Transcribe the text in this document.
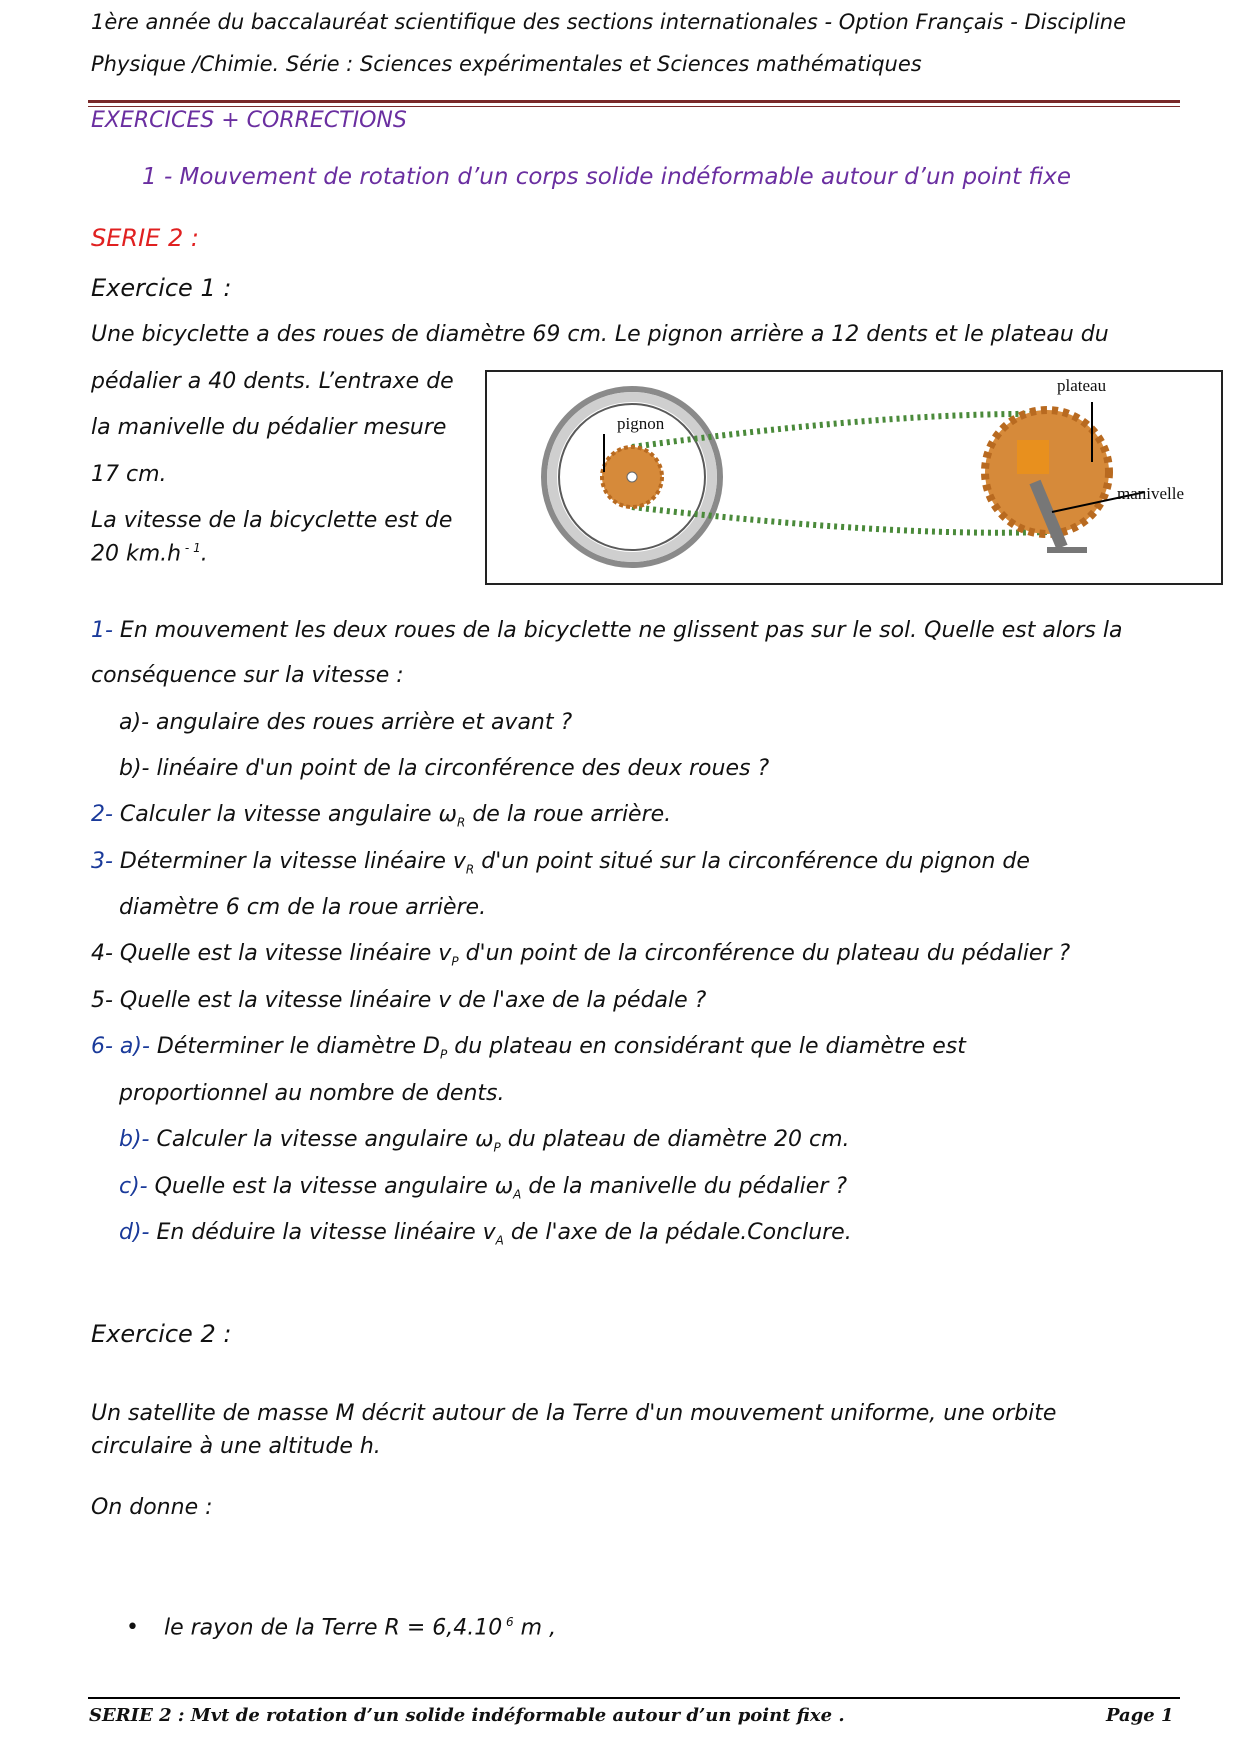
1ère année du baccalauréat scientifique des sections internationales - Option Français - Discipline
Physique /Chimie. Série : Sciences expérimentales et Sciences mathématiques
EXERCICES + CORRECTIONS
1 - Mouvement de rotation d’un corps solide indéformable autour d’un point fixe
SERIE 2 :
Exercice 1 :
Une bicyclette a des roues de diamètre 69 cm. Le pignon arrière a 12 dents et le plateau du
pédalier a 40 dents. L’entraxe de
la manivelle du pédalier mesure
17 cm.
La vitesse de la bicyclette est de
20 km.h $^{- 1}$.
plateau
pignon
manivelle
1- En mouvement les deux roues de la bicyclette ne glissent pas sur le sol. Quelle est alors la
conséquence sur la vitesse :
a)- angulaire des roues arrière et avant ?
b)- linéaire d'un point de la circonférence des deux roues ?
2- Calculer la vitesse angulaire $\omega_R$ de la roue arrière.
3- Déterminer la vitesse linéaire $v_R$ d'un point situé sur la circonférence du pignon de
diamètre 6 cm de la roue arrière.
4- Quelle est la vitesse linéaire $v_P$ d'un point de la circonférence du plateau du pédalier ?
5- Quelle est la vitesse linéaire v de l'axe de la pédale ?
6- a)- Déterminer le diamètre $D_P$ du plateau en considérant que le diamètre est
proportionnel au nombre de dents.
b)- Calculer la vitesse angulaire $\omega_P$ du plateau de diamètre 20 cm.
c)- Quelle est la vitesse angulaire $\omega_A$ de la manivelle du pédalier ?
d)- En déduire la vitesse linéaire $v_A$ de l'axe de la pédale.Conclure.
Exercice 2 :
Un satellite de masse M décrit autour de la Terre d'un mouvement uniforme, une orbite
circulaire à une altitude h.
On donne :
• le rayon de la Terre R = 6,4.10 $^6$ m ,
SERIE 2 : Mvt de rotation d’un solide indéformable autour d’un point fixe .	Page 1
